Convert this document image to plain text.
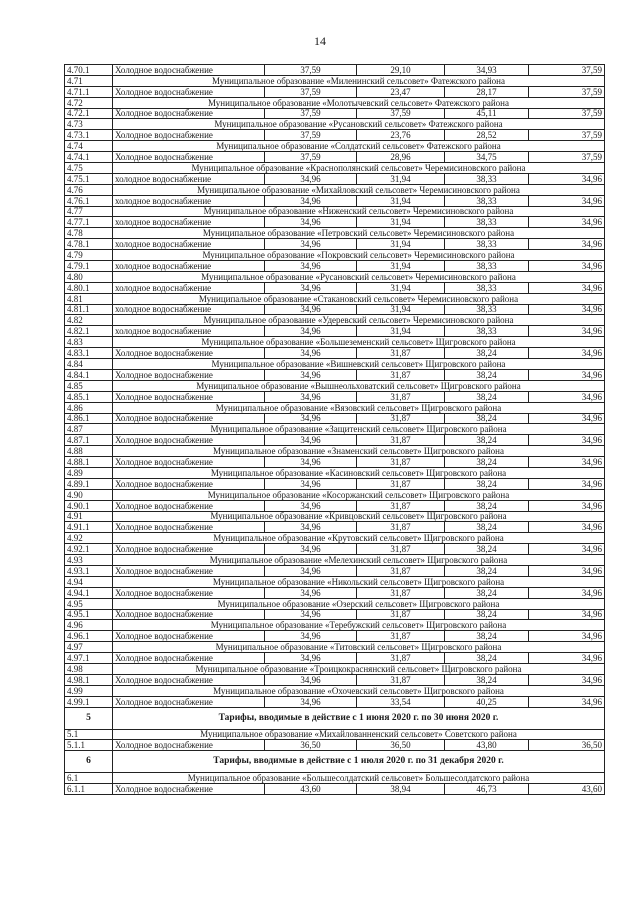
14
4.70.1	Холодное водоснабжение	37,59	29,10	34,93	37,59
4.71	Муниципальное образование «Миленинский сельсовет» Фатежского района				
4.71.1	Холодное водоснабжение	37,59	23,47	28,17	37,59
4.72	Муниципальное образование «Молотычевский сельсовет» Фатежского района				
4.72.1	Холодное водоснабжение	37,59	37,59	45,11	37,59
4.73	Муниципальное образование «Русановский сельсовет» Фатежского района				
4.73.1	Холодное водоснабжение	37,59	23,76	28,52	37,59
4.74	Муниципальное образование «Солдатский сельсовет» Фатежского района				
4.74.1	Холодное водоснабжение	37,59	28,96	34,75	37,59
4.75	Муниципальное образование «Краснополянский сельсовет» Черемисиновского района				
4.75.1	холодное водоснабжение	34,96	31,94	38,33	34,96
4.76	Муниципальное образование «Михайловский сельсовет» Черемисиновского района				
4.76.1	холодное водоснабжение	34,96	31,94	38,33	34,96
4.77	Муниципальное образование «Ниженский сельсовет» Черемисиновского района				
4.77.1	холодное водоснабжение	34,96	31,94	38,33	34,96
4.78	Муниципальное образование «Петровский сельсовет» Черемисиновского района				
4.78.1	холодное водоснабжение	34,96	31,94	38,33	34,96
4.79	Муниципальное образование «Покровский сельсовет» Черемисиновского района				
4.79.1	холодное водоснабжение	34,96	31,94	38,33	34,96
4.80	Муниципальное образование «Русановский сельсовет» Черемисиновского района				
4.80.1	холодное водоснабжение	34,96	31,94	38,33	34,96
4.81	Муниципальное образование «Стакановский сельсовет» Черемисиновского района				
4.81.1	холодное водоснабжение	34,96	31,94	38,33	34,96
4.82	Муниципальное образование «Удеревский сельсовет» Черемисиновского района				
4.82.1	холодное водоснабжение	34,96	31,94	38,33	34,96
4.83	Муниципальное образование «Большеземенский сельсовет» Щигровского района				
4.83.1	Холодное водоснабжение	34,96	31,87	38,24	34,96
4.84	Муниципальное образование «Вишневский сельсовет» Щигровского района				
4.84.1	Холодное водоснабжение	34,96	31,87	38,24	34,96
4.85	Муниципальное образование «Вышнеольховатский сельсовет» Щигровского района				
4.85.1	Холодное водоснабжение	34,96	31,87	38,24	34,96
4.86	Муниципальное образование «Вязовский сельсовет» Щигровского района				
4.86.1	Холодное водоснабжение	34,96	31,87	38,24	34,96
4.87	Муниципальное образование «Защитенский сельсовет» Щигровского района				
4.87.1	Холодное водоснабжение	34,96	31,87	38,24	34,96
4.88	Муниципальное образование «Знаменский сельсовет» Щигровского района				
4.88.1	Холодное водоснабжение	34,96	31,87	38,24	34,96
4.89	Муниципальное образование «Касиновский сельсовет» Щигровского района				
4.89.1	Холодное водоснабжение	34,96	31,87	38,24	34,96
4.90	Муниципальное образование «Косоржанский сельсовет» Щигровского района				
4.90.1	Холодное водоснабжение	34,96	31,87	38,24	34,96
4.91	Муниципальное образование «Кривцовский сельсовет» Щигровского района				
4.91.1	Холодное водоснабжение	34,96	31,87	38,24	34,96
4.92	Муниципальное образование «Крутовский сельсовет» Щигровского района				
4.92.1	Холодное водоснабжение	34,96	31,87	38,24	34,96
4.93	Муниципальное образование «Мелехинский сельсовет» Щигровского района				
4.93.1	Холодное водоснабжение	34,96	31,87	38,24	34,96
4.94	Муниципальное образование «Никольский сельсовет» Щигровского района				
4.94.1	Холодное водоснабжение	34,96	31,87	38,24	34,96
4.95	Муниципальное образование «Озерский сельсовет» Щигровского района				
4.95.1	Холодное водоснабжение	34,96	31,87	38,24	34,96
4.96	Муниципальное образование «Теребужский сельсовет» Щигровского района				
4.96.1	Холодное водоснабжение	34,96	31,87	38,24	34,96
4.97	Муниципальное образование «Титовский сельсовет» Щигровского района				
4.97.1	Холодное водоснабжение	34,96	31,87	38,24	34,96
4.98	Муниципальное образование «Троицкокраснянский сельсовет» Щигровского района				
4.98.1	Холодное водоснабжение	34,96	31,87	38,24	34,96
4.99	Муниципальное образование «Охочевский сельсовет» Щигровского района				
4.99.1	Холодное водоснабжение	34,96	33,54	40,25	34,96
5	Тарифы, вводимые в действие с 1 июня 2020 г. по 30 июня 2020 г.				
5.1	Муниципальное образование «Михайлованненский сельсовет» Советского района				
5.1.1	Холодное водоснабжение	36,50	36,50	43,80	36,50
6	Тарифы, вводимые в действие с 1 июля 2020 г. по 31 декабря 2020 г.				
6.1	Муниципальное образование «Большесолдатский сельсовет» Большесолдатского района				
6.1.1	Холодное водоснабжение	43,60	38,94	46,73	43,60
